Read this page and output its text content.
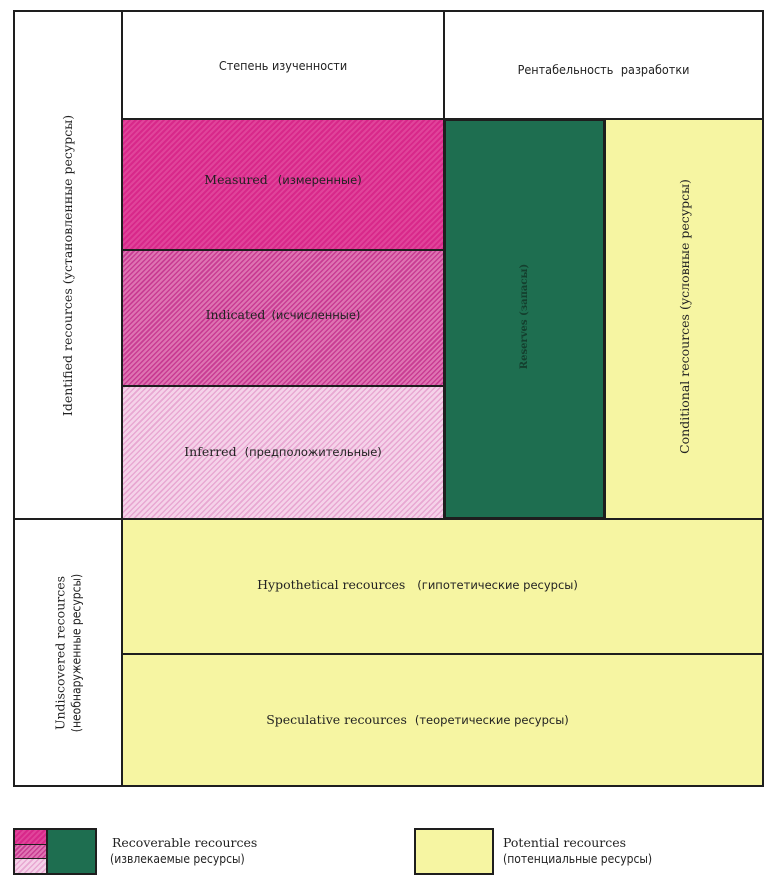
Identified recources (установленные ресурсы)
Undiscovered recources (необнаруженные ресурсы)
Степень изученности	Рентабельность разработки
Measured (измеренные)
Indicated (исчисленные)
Inferred (предположительные)
Reserves (запасы)	Conditional recources (условные ресурсы)
Hypothetical recources (гипотетические ресурсы)
Speculative recources (теоретические ресурсы)
Recoverable recources
(извлекаемые ресурсы)
Potential recources
(потенциальные ресурсы)
